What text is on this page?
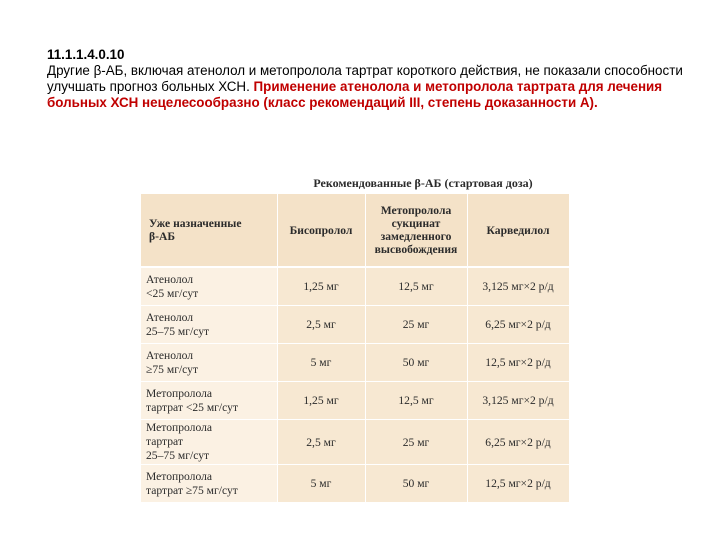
11.1.1.4.0.10
Другие β-АБ, включая атенолол и метопролола тартрат короткого действия, не показали способности улучшать прогноз больных ХСН. Применение атенолола и метопролола тартрата для лечения больных ХСН нецелесообразно (класс рекомендаций III, степень доказанности А).
Рекомендованные β-АБ (стартовая доза)
Уже назначенные
β-АБ	Бисопролол	Метопролола
сукцинат
замедленного
высвобождения	Карведилол
Атенолол
<25 мг/сут	1,25 мг	12,5 мг	3,125 мг×2 р/д
Атенолол
25–75 мг/сут	2,5 мг	25 мг	6,25 мг×2 р/д
Атенолол
≥75 мг/сут	5 мг	50 мг	12,5 мг×2 р/д
Метопролола
тартрат <25 мг/сут	1,25 мг	12,5 мг	3,125 мг×2 р/д
Метопролола
тартрат
25–75 мг/сут	2,5 мг	25 мг	6,25 мг×2 р/д
Метопролола
тартрат ≥75 мг/сут	5 мг	50 мг	12,5 мг×2 р/д
